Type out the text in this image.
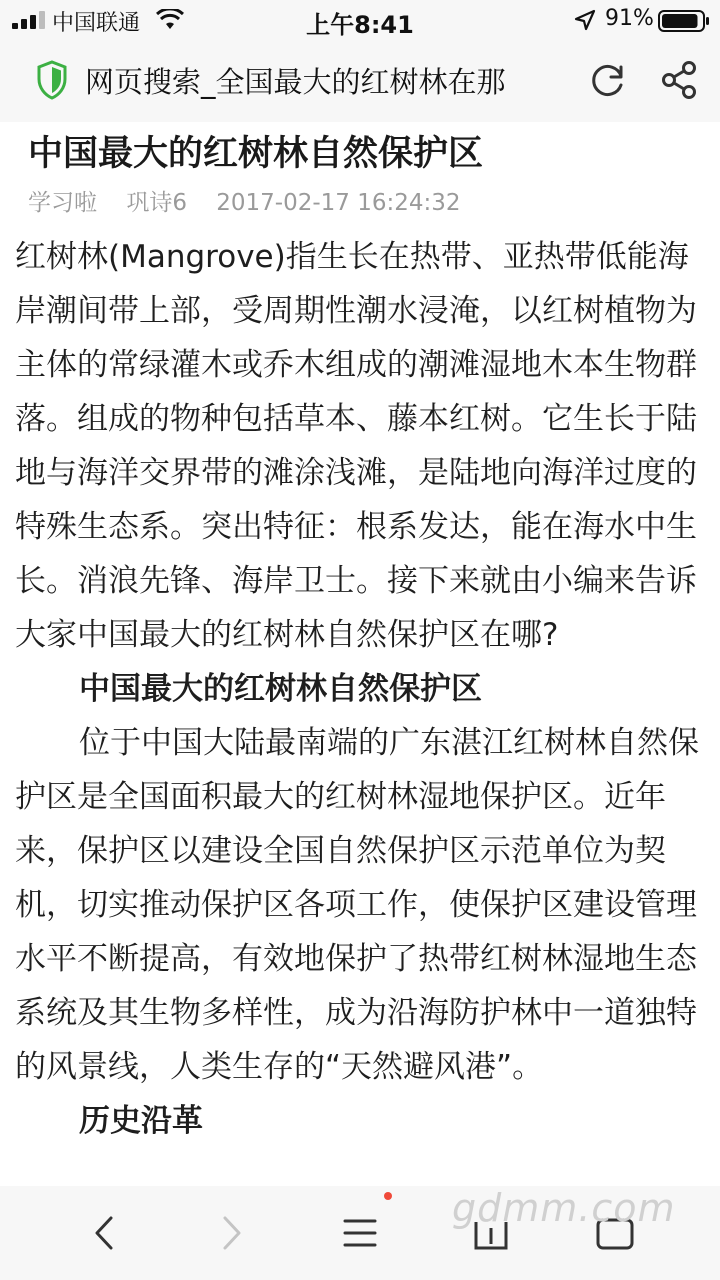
中国联通	上午8:41	91%
网页搜索_全国最大的红树林在那
中国最大的红树林自然保护区
学习啦 巩诗6 2017-02-17 16:24:32

红树林(Mangrove)指生长在热带、亚热带低能海岸潮间带上部，受周期性潮水浸淹，以红树植物为主体的常绿灌木或乔木组成的潮滩湿地木本生物群落。组成的物种包括草本、藤本红树。它生长于陆地与海洋交界带的滩涂浅滩，是陆地向海洋过度的特殊生态系。突出特征：根系发达，能在海水中生长。消浪先锋、海岸卫士。接下来就由小编来告诉大家中国最大的红树林自然保护区在哪?

中国最大的红树林自然保护区

位于中国大陆最南端的广东湛江红树林自然保护区是全国面积最大的红树林湿地保护区。近年来，保护区以建设全国自然保护区示范单位为契机，切实推动保护区各项工作，使保护区建设管理水平不断提高，有效地保护了热带红树林湿地生态系统及其生物多样性，成为沿海防护林中一道独特的风景线，人类生存的“天然避风港”。

历史沿革

gdmm.com
